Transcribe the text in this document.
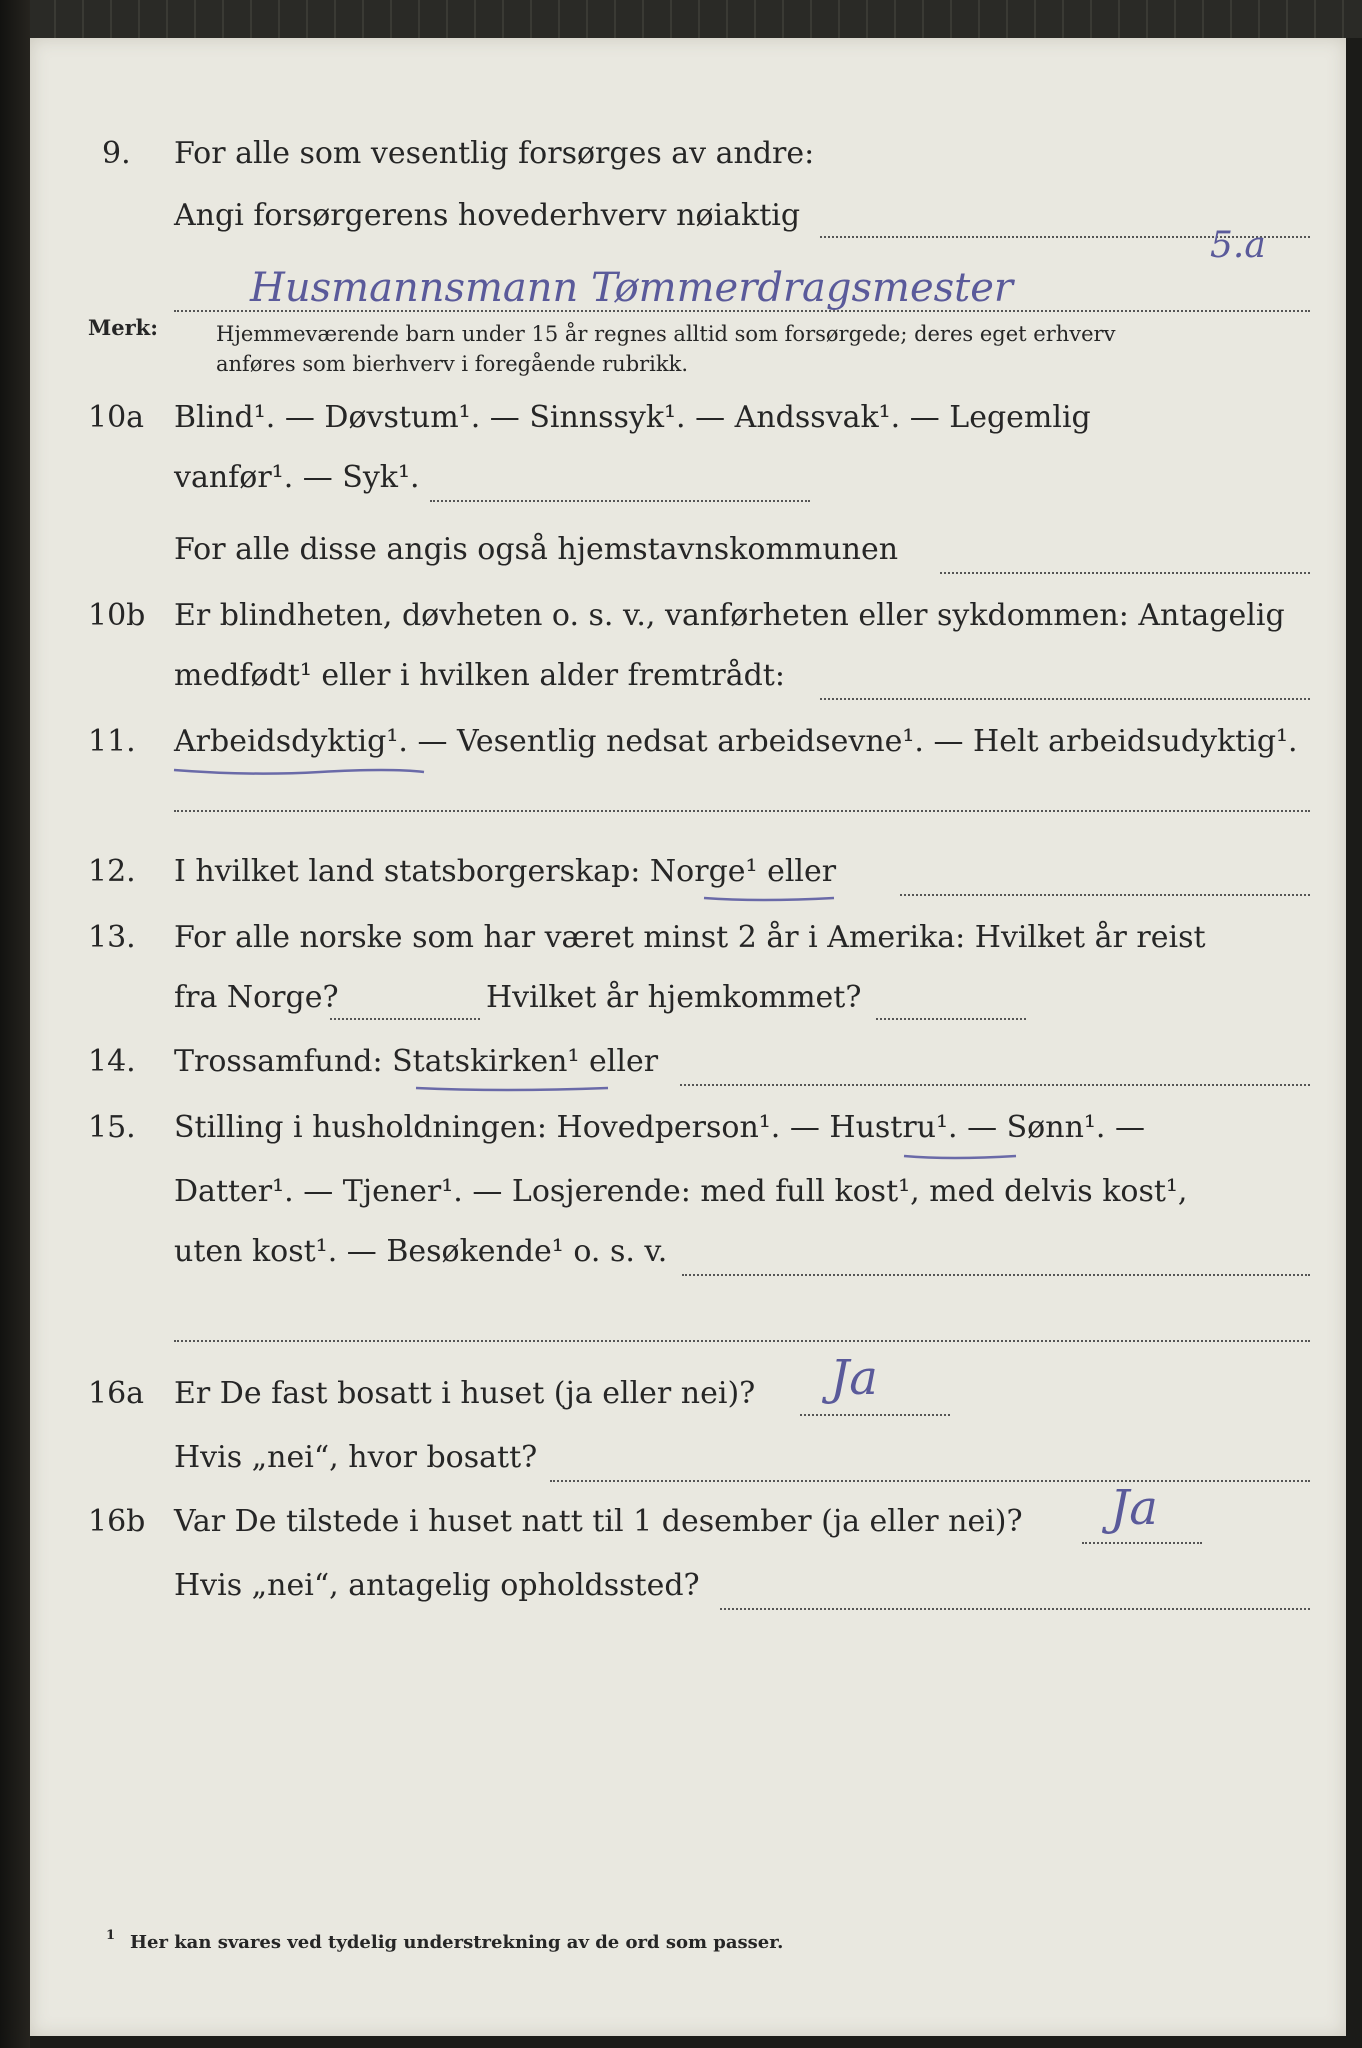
9. For alle som vesentlig forsørges av andre:
Angi forsørgerens hovederhverv nøiaktig
Husmannsmann Tømmerdragsmester
5.a
Merk:	Hjemmeværende barn under 15 år regnes alltid som forsørgede; deres eget erhverv
anføres som bierhverv i foregående rubrikk.
10a Blind¹. — Døvstum¹. — Sinnssyk¹. — Andssvak¹. — Legemlig
vanfør¹. — Syk¹.
For alle disse angis også hjemstavnskommunen
10b Er blindheten, døvheten o. s. v., vanførheten eller sykdommen: Antagelig
medfødt¹ eller i hvilken alder fremtrådt:
11. Arbeidsdyktig¹. — Vesentlig nedsat arbeidsevne¹. — Helt arbeidsudyktig¹.
12. I hvilket land statsborgerskap: Norge¹ eller
13. For alle norske som har været minst 2 år i Amerika: Hvilket år reist
fra Norge?	Hvilket år hjemkommet?
14. Trossamfund: Statskirken¹ eller
15. Stilling i husholdningen: Hovedperson¹. — Hustru¹. — Sønn¹. —
Datter¹. — Tjener¹. — Losjerende: med full kost¹, med delvis kost¹,
uten kost¹. — Besøkende¹ o. s. v.
16a Er De fast bosatt i huset (ja eller nei)? Ja
Hvis „nei“, hvor bosatt?
16b Var De tilstede i huset natt til 1 desember (ja eller nei)? Ja
Hvis „nei“, antagelig opholdssted?
1 Her kan svares ved tydelig understrekning av de ord som passer.
